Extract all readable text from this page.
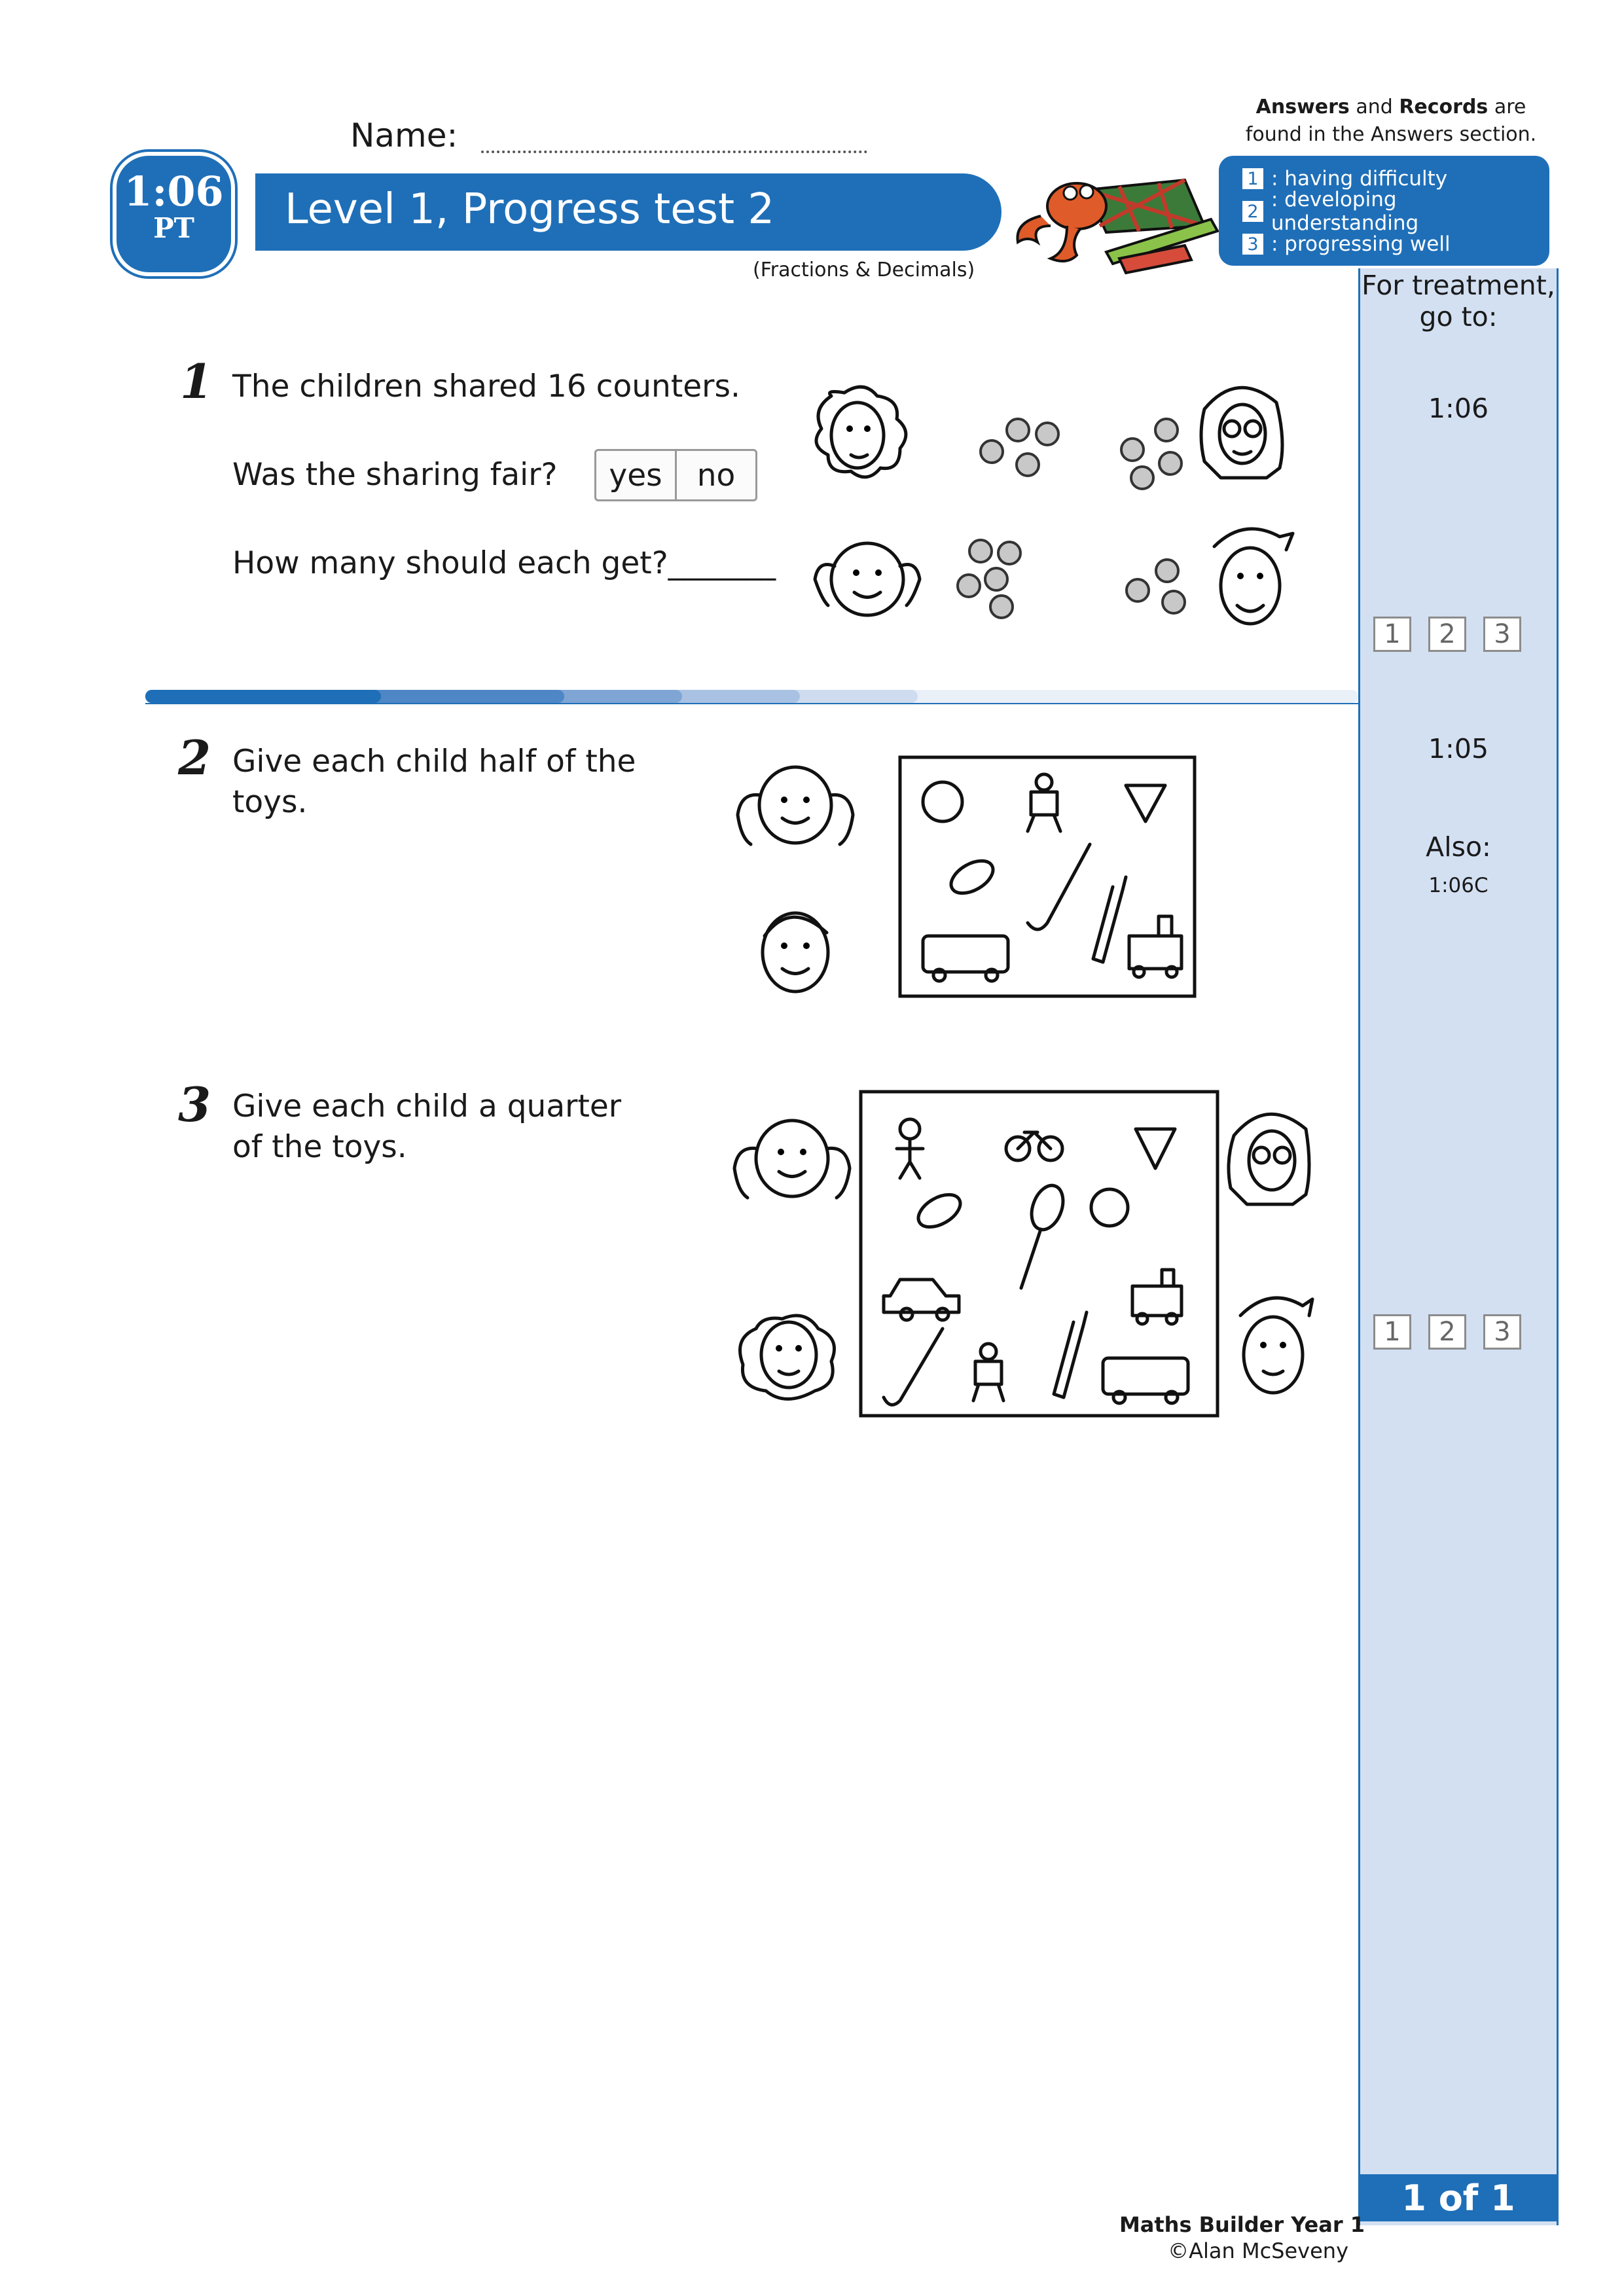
For treatment,
go to:
1:06
1	2	3
1:05
Also:
1:06C
1	2	3
1 of 1
Name:
Level 1, Progress test 2
1:06
PT
(Fractions & Decimals)
Answers and Records are
found in the Answers section.
1 : having difficulty
2 : developing understanding
3 : progressing well
1 The children shared 16 counters.
Was the sharing fair?	yes	no
How many should each get?_______
2 Give each child half of the
toys.
3 Give each child a quarter
of the toys.
Maths Builder Year 1
©Alan McSeveny
